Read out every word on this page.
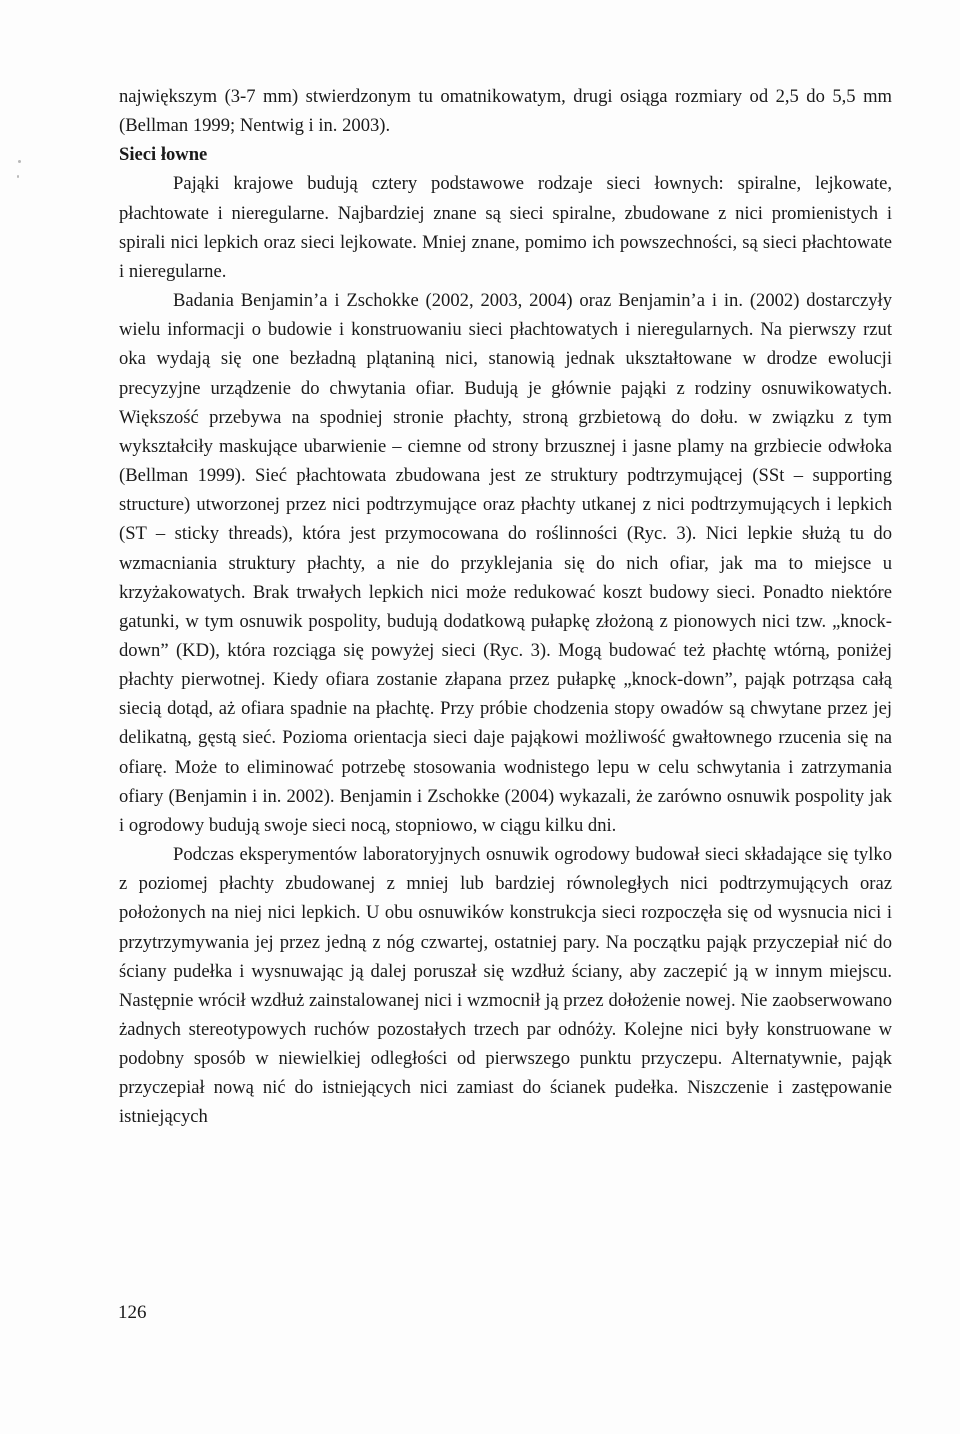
największym (3-7 mm) stwierdzonym tu omatnikowatym, drugi osiąga rozmiary od 2,5 do 5,5 mm (Bellman 1999; Nentwig i in. 2003).

Sieci łowne

Pająki krajowe budują cztery podstawowe rodzaje sieci łownych: spiralne, lejkowate, płachtowate i nieregularne. Najbardziej znane są sieci spiralne, zbudowane z nici promienistych i spirali nici lepkich oraz sieci lejkowate. Mniej znane, pomimo ich powszechności, są sieci płachtowate i nieregularne.

Badania Benjamin’a i Zschokke (2002, 2003, 2004) oraz Benjamin’a i in. (2002) dostarczyły wielu informacji o budowie i konstruowaniu sieci płachtowatych i nieregularnych. Na pierwszy rzut oka wydają się one bezładną plątaniną nici, stanowią jednak ukształtowane w drodze ewolucji precyzyjne urządzenie do chwytania ofiar. Budują je głównie pająki z rodziny osnuwikowatych. Większość przebywa na spodniej stronie płachty, stroną grzbietową do dołu. w związku z tym wykształciły maskujące ubarwienie – ciemne od strony brzusznej i jasne plamy na grzbiecie odwłoka (Bellman 1999). Sieć płachtowata zbudowana jest ze struktury podtrzymującej (SSt – supporting structure) utworzonej przez nici podtrzymujące oraz płachty utkanej z nici podtrzymujących i lepkich (ST – sticky threads), która jest przymocowana do roślinności (Ryc. 3). Nici lepkie służą tu do wzmacniania struktury płachty, a nie do przyklejania się do nich ofiar, jak ma to miejsce u krzyżakowatych. Brak trwałych lepkich nici może redukować koszt budowy sieci. Ponadto niektóre gatunki, w tym osnuwik pospolity, budują dodatkową pułapkę złożoną z pionowych nici tzw. „knock-down” (KD), która rozciąga się powyżej sieci (Ryc. 3). Mogą budować też płachtę wtórną, poniżej płachty pierwotnej. Kiedy ofiara zostanie złapana przez pułapkę „knock-down”, pająk potrząsa całą siecią dotąd, aż ofiara spadnie na płachtę. Przy próbie chodzenia stopy owadów są chwytane przez jej delikatną, gęstą sieć. Pozioma orientacja sieci daje pająkowi możliwość gwałtownego rzucenia się na ofiarę. Może to eliminować potrzebę stosowania wodnistego lepu w celu schwytania i zatrzymania ofiary (Benjamin i in. 2002). Benjamin i Zschokke (2004) wykazali, że zarówno osnuwik pospolity jak i ogrodowy budują swoje sieci nocą, stopniowo, w ciągu kilku dni.

Podczas eksperymentów laboratoryjnych osnuwik ogrodowy budował sieci składające się tylko z poziomej płachty zbudowanej z mniej lub bardziej równoległych nici podtrzymujących oraz położonych na niej nici lepkich. U obu osnuwików konstrukcja sieci rozpoczęła się od wysnucia nici i przytrzymywania jej przez jedną z nóg czwartej, ostatniej pary. Na początku pająk przyczepiał nić do ściany pudełka i wysnuwając ją dalej poruszał się wzdłuż ściany, aby zaczepić ją w innym miejscu. Następnie wrócił wzdłuż zainstalowanej nici i wzmocnił ją przez dołożenie nowej. Nie zaobserwowano żadnych stereotypowych ruchów pozostałych trzech par odnóży. Kolejne nici były konstruowane w podobny sposób w niewielkiej odległości od pierwszego punktu przyczepu. Alternatywnie, pająk przyczepiał nową nić do istniejących nici zamiast do ścianek pudełka. Niszczenie i zastępowanie istniejących

126
